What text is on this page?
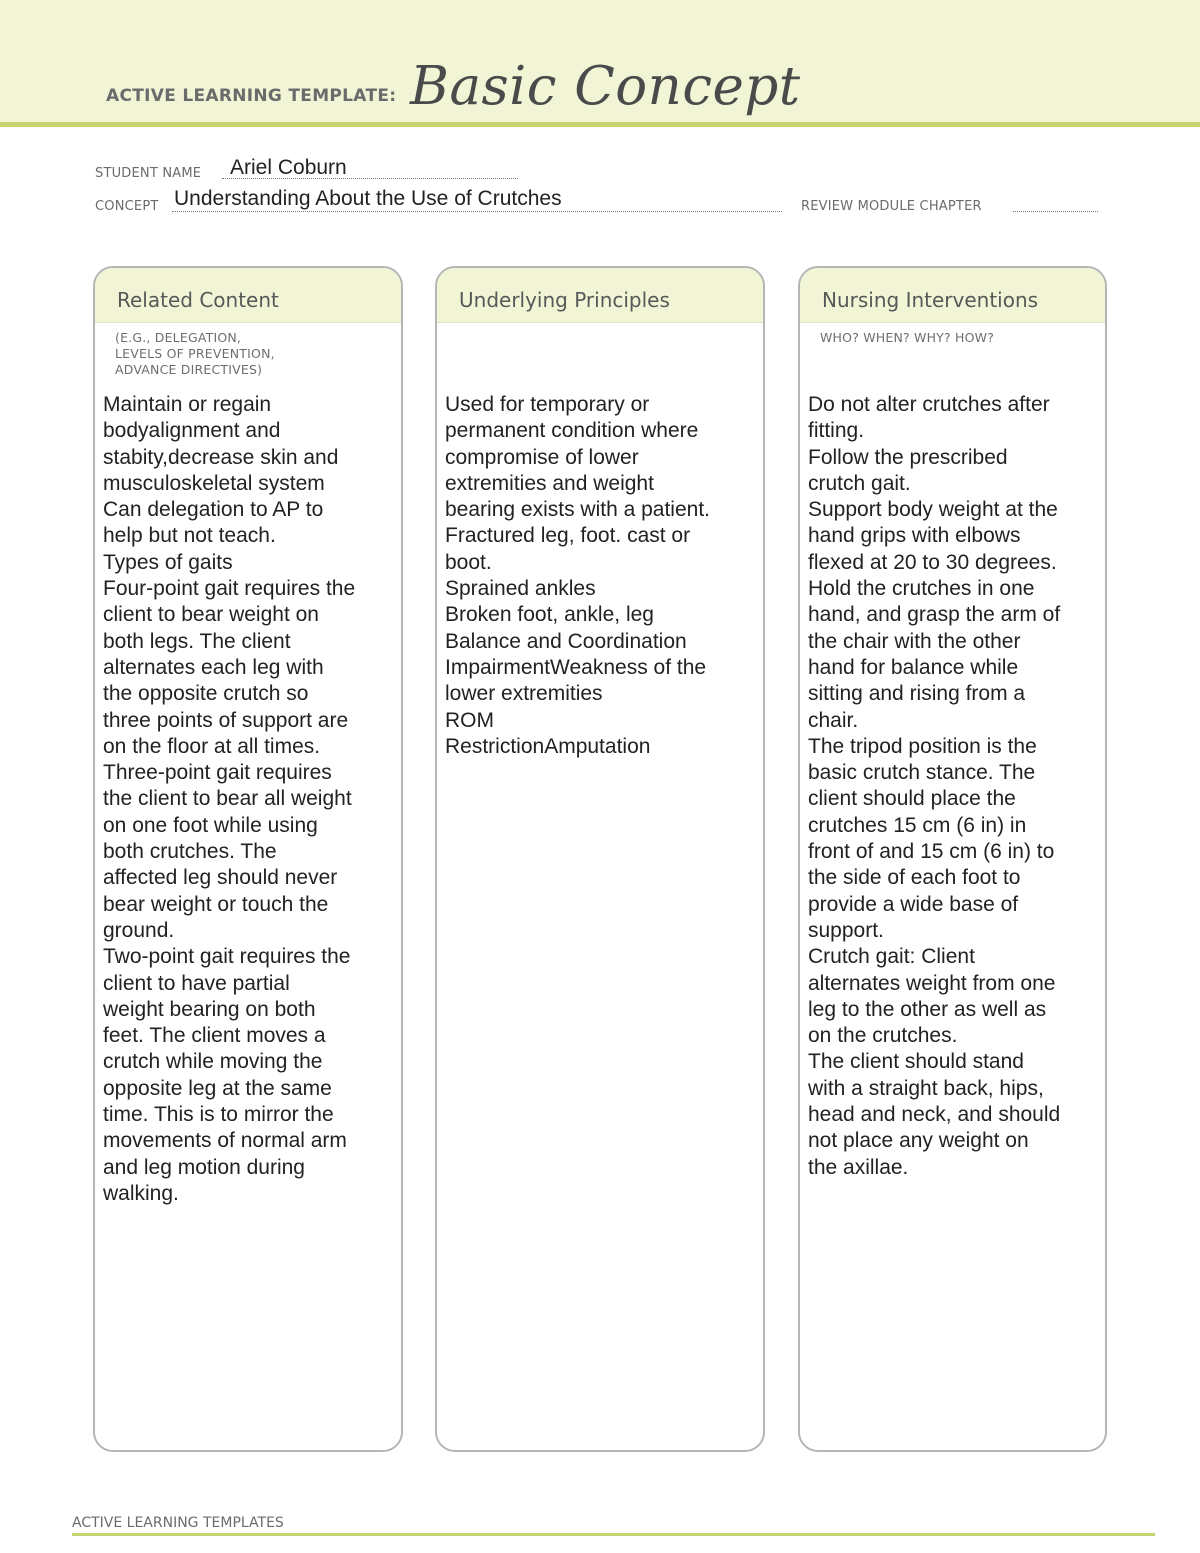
ACTIVE LEARNING TEMPLATE: Basic Concept
STUDENT NAME Ariel Coburn
CONCEPT Understanding About the Use of Crutches	REVIEW MODULE CHAPTER
Related Content
(E.G., DELEGATION,
LEVELS OF PREVENTION,
ADVANCE DIRECTIVES)
Maintain or regain
bodyalignment and
stabity,decrease skin and
musculoskeletal system
Can delegation to AP to
help but not teach.
Types of gaits
Four-point gait requires the
client to bear weight on
both legs. The client
alternates each leg with
the opposite crutch so
three points of support are
on the floor at all times.
Three-point gait requires
the client to bear all weight
on one foot while using
both crutches. The
affected leg should never
bear weight or touch the
ground.
Two-point gait requires the
client to have partial
weight bearing on both
feet. The client moves a
crutch while moving the
opposite leg at the same
time. This is to mirror the
movements of normal arm
and leg motion during
walking.
Underlying Principles
Used for temporary or
permanent condition where
compromise of lower
extremities and weight
bearing exists with a patient.
Fractured leg, foot. cast or
boot.
Sprained ankles
Broken foot, ankle, leg
Balance and Coordination
ImpairmentWeakness of the
lower extremities
ROM
RestrictionAmputation
Nursing Interventions
WHO? WHEN? WHY? HOW?
Do not alter crutches after
fitting.
Follow the prescribed
crutch gait.
Support body weight at the
hand grips with elbows
flexed at 20 to 30 degrees.
Hold the crutches in one
hand, and grasp the arm of
the chair with the other
hand for balance while
sitting and rising from a
chair.
The tripod position is the
basic crutch stance. The
client should place the
crutches 15 cm (6 in) in
front of and 15 cm (6 in) to
the side of each foot to
provide a wide base of
support.
Crutch gait: Client
alternates weight from one
leg to the other as well as
on the crutches.
The client should stand
with a straight back, hips,
head and neck, and should
not place any weight on
the axillae.
ACTIVE LEARNING TEMPLATES
